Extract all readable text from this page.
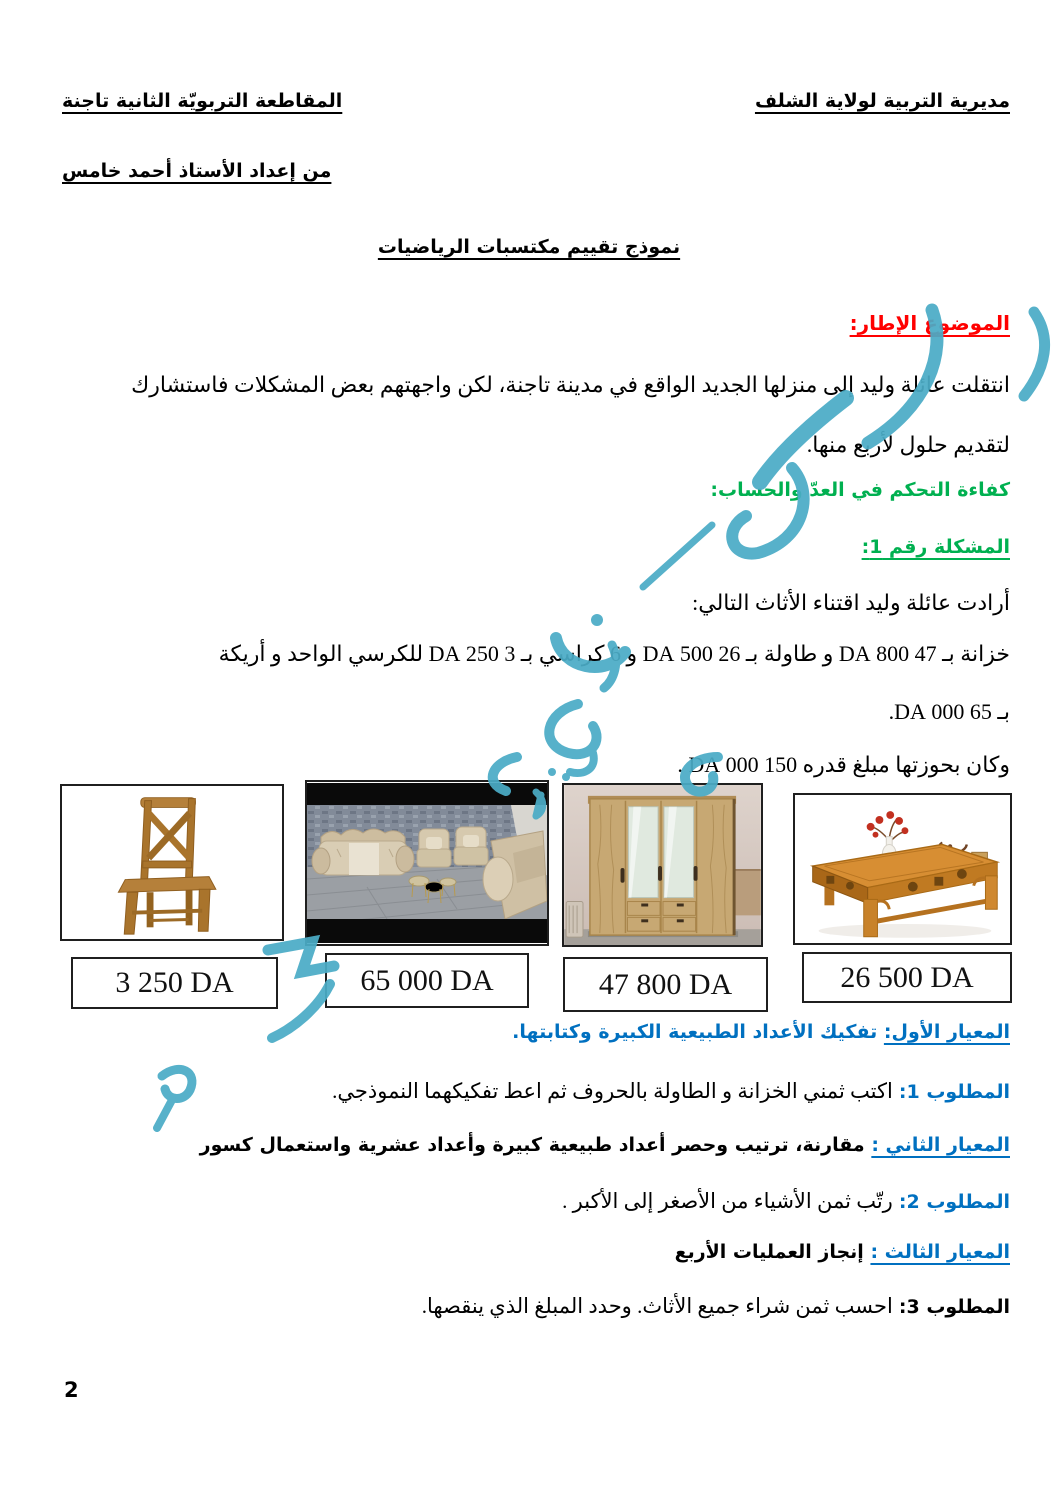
مديرية التربية لولاية الشلف
المقاطعة التربويّة الثانية تاجنة
من إعداد الأستاذ أحمد خامس
نموذج تقييم مكتسبات الرياضيات
الموضوع الإطار:
انتقلت عائلة وليد إلى منزلها الجديد الواقع في مدينة تاجنة، لكن واجهتهم بعض المشكلات فاستشارك
لتقديم حلول لأربع منها.
كفاءة التحكم في العدّ والحساب:
المشكلة رقم 1:
أرادت عائلة وليد اقتناء الأثاث التالي:
خزانة بـ 47 800 DA و طاولة بـ 26 500 DA و 6 كراسي بـ 3 250 DA للكرسي الواحد و أريكة
بـ 65 000 DA.
وكان بحوزتها مبلغ قدره 150 000 DA .
3 250 DA	65 000 DA	47 800 DA	26 500 DA
المعيار الأول: تفكيك الأعداد الطبيعية الكبيرة وكتابتها.
المطلوب 1: اكتب ثمني الخزانة و الطاولة بالحروف ثم اعط تفكيكهما النموذجي.
المعيار الثاني : مقارنة، ترتيب وحصر أعداد طبيعية كبيرة وأعداد عشرية واستعمال كسور
المطلوب 2: رتّب ثمن الأشياء من الأصغر إلى الأكبر .
المعيار الثالث : إنجاز العمليات الأربع
المطلوب 3: احسب ثمن شراء جميع الأثاث. وحدد المبلغ الذي ينقصها.
2
